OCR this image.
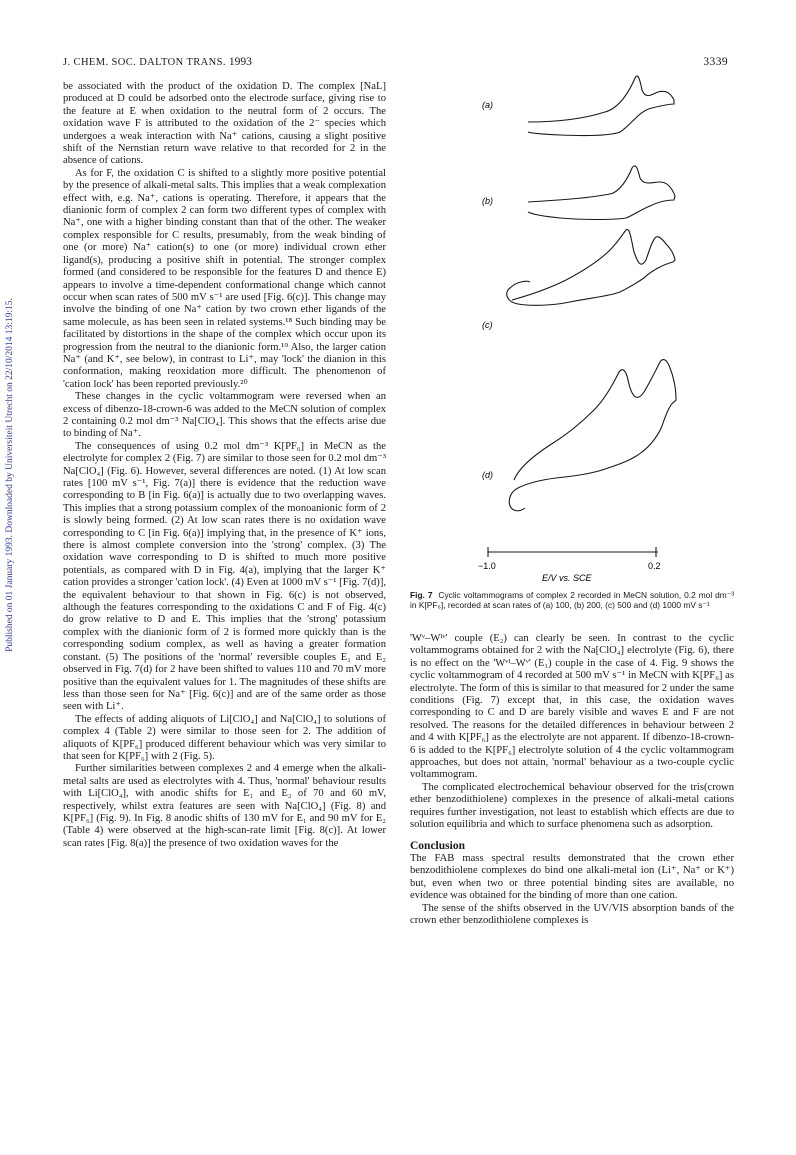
J. CHEM. SOC. DALTON TRANS. 1993	3339
Published on 01 January 1993. Downloaded by Universiteit Utrecht on 22/10/2014 13:19:15.

be associated with the product of the oxidation D. The complex [NaL] produced at D could be adsorbed onto the electrode surface, giving rise to the feature at E when oxidation to the neutral form of 2 occurs. The oxidation wave F is attributed to the oxidation of the 2⁻ species which undergoes a weak interaction with Na⁺ cations, causing a slight positive shift of the Nernstian return wave relative to that recorded for 2 in the absence of cations.

As for F, the oxidation C is shifted to a slightly more positive potential by the presence of alkali-metal salts. This implies that a weak complexation effect with, e.g. Na⁺, cations is operating. Therefore, it appears that the dianionic form of complex 2 can form two different types of complex with Na⁺, one with a higher binding constant than that of the other. The weaker complex responsible for C results, presumably, from the weak binding of one (or more) Na⁺ cation(s) to one (or more) individual crown ether ligand(s), producing a positive shift in potential. The stronger complex formed (and considered to be responsible for the features D and thence E) appears to involve a time-dependent conformational change which cannot occur when scan rates of 500 mV s⁻¹ are used [Fig. 6(c)]. This change may involve the binding of one Na⁺ cation by two crown ether ligands of the same molecule, as has been seen in related systems.¹⁸ Such binding may be facilitated by distortions in the shape of the complex which occur upon its progression from the neutral to the dianionic form.¹⁹ Also, the larger cation Na⁺ (and K⁺, see below), in contrast to Li⁺, may 'lock' the dianion in this conformation, making reoxidation more difficult. The phenomenon of 'cation lock' has been reported previously.²⁰

These changes in the cyclic voltammogram were reversed when an excess of dibenzo-18-crown-6 was added to the MeCN solution of complex 2 containing 0.2 mol dm⁻³ Na[ClO₄]. This shows that the effects arise due to binding of Na⁺.

The consequences of using 0.2 mol dm⁻³ K[PF₆] in MeCN as the electrolyte for complex 2 (Fig. 7) are similar to those seen for 0.2 mol dm⁻³ Na[ClO₄] (Fig. 6). However, several differences are noted. (1) At low scan rates [100 mV s⁻¹, Fig. 7(a)] there is evidence that the reduction wave corresponding to B [in Fig. 6(a)] is actually due to two overlapping waves. This implies that a strong potassium complex of the monoanionic form of 2 is slowly being formed. (2) At low scan rates there is no oxidation wave corresponding to C [in Fig. 6(a)] implying that, in the presence of K⁺ ions, there is almost complete conversion into the 'strong' complex. (3) The oxidation wave corresponding to D is shifted to much more positive potentials, as compared with D in Fig. 4(a), implying that the larger K⁺ cation provides a stronger 'cation lock'. (4) Even at 1000 mV s⁻¹ [Fig. 7(d)], the equivalent behaviour to that shown in Fig. 6(c) is not observed, although the features corresponding to the oxidations C and F of Fig. 4(c) do grow relative to D and E. This implies that the 'strong' potassium complex with the dianionic form of 2 is formed more quickly than is the corresponding sodium complex, as well as having a greater formation constant. (5) The positions of the 'normal' reversible couples E₁ and E₂ observed in Fig. 7(d) for 2 have been shifted to values 110 and 70 mV more positive than the equivalent values for 1. The magnitudes of these shifts are less than those seen for Na⁺ [Fig. 6(c)] and are of the same order as those seen with Li⁺.

The effects of adding aliquots of Li[ClO₄] and Na[ClO₄] to solutions of complex 4 (Table 2) were similar to those seen for 2. The addition of aliquots of K[PF₆] produced different behaviour which was very similar to that seen for K[PF₆] with 2 (Fig. 5).

Further similarities between complexes 2 and 4 emerge when the alkali-metal salts are used as electrolytes with 4. Thus, 'normal' behaviour results with Li[ClO₄], with anodic shifts for E₁ and E₂ of 70 and 60 mV, respectively, whilst extra features are seen with Na[ClO₄] (Fig. 8) and K[PF₆] (Fig. 9). In Fig. 8 anodic shifts of 130 mV for E₁ and 90 mV for E₂ (Table 4) were observed at the high-scan-rate limit [Fig. 8(c)]. At lower scan rates [Fig. 8(a)] the presence of two oxidation waves for the

(a)
(b)
(c)
(d)
−1.0	0.2
E/V vs. SCE
Fig. 7 Cyclic voltammograms of complex 2 recorded in MeCN solution, 0.2 mol dm⁻³ in K[PF₆], recorded at scan rates of (a) 100, (b) 200, (c) 500 and (d) 1000 mV s⁻¹

'Wᵛ–Wᴵᵛ' couple (E₂) can clearly be seen. In contrast to the cyclic voltammograms obtained for 2 with the Na[ClO₄] electrolyte (Fig. 6), there is no effect on the 'Wᵛᴵ–Wᵛ' (E₁) couple in the case of 4. Fig. 9 shows the cyclic voltammogram of 4 recorded at 500 mV s⁻¹ in MeCN with K[PF₆] as electrolyte. The form of this is similar to that measured for 2 under the same conditions (Fig. 7) except that, in this case, the oxidation waves corresponding to C and D are barely visible and waves E and F are not resolved. The reasons for the detailed differences in behaviour between 2 and 4 with K[PF₆] as the electrolyte are not apparent. If dibenzo-18-crown-6 is added to the K[PF₆] electrolyte solution of 4 the cyclic voltammogram approaches, but does not attain, 'normal' behaviour as a two-couple cyclic voltammogram.

The complicated electrochemical behaviour observed for the tris(crown ether benzodithiolene) complexes in the presence of alkali-metal cations requires further investigation, not least to establish which effects are due to solution equilibria and which to surface phenomena such as adsorption.

Conclusion

The FAB mass spectral results demonstrated that the crown ether benzodithiolene complexes do bind one alkali-metal ion (Li⁺, Na⁺ or K⁺) but, even when two or three potential binding sites are available, no evidence was obtained for the binding of more than one cation.

The sense of the shifts observed in the UV/VIS absorption bands of the crown ether benzodithiolene complexes is
